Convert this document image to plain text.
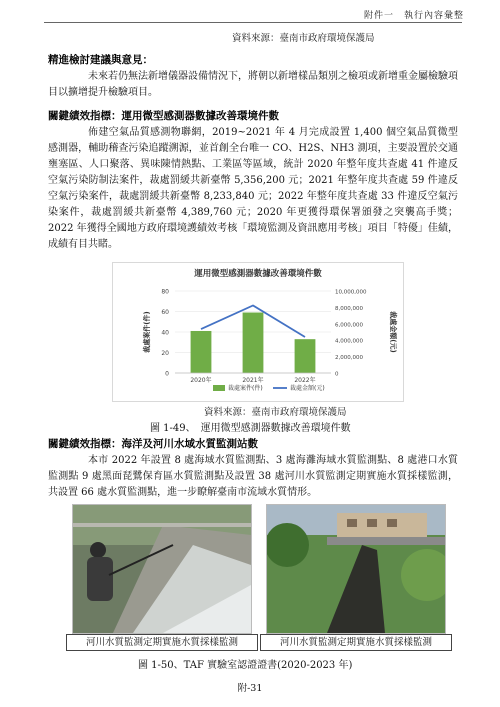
附件一　執行內容彙整
資料來源：臺南市政府環境保護局
精進檢討建議與意見：
未來若仍無法新增儀器設備情況下，將朝以新增樣品類別之檢項或新增重金屬檢驗項目以擴增提升檢驗項目。
關鍵績效指標：運用微型感測器數據改善環境件數
佈建空氣品質感測物聯網，2019~2021 年 4 月完成設置 1,400 個空氣品質微型感測器，輔助稽查污染追蹤溯源，並首創全台唯一 CO、H2S、NH3 測項，主要設置於交通壅塞區、人口聚落、異味陳情熱點、工業區等區域，統計 2020 年整年度共查處 41 件違反空氣污染防制法案件，裁處罰緩共新臺幣 5,356,200 元；2021 年整年度共查處 59 件違反空氣污染案件，裁處罰緩共新臺幣 8,233,840 元；2022 年整年度共查處 33 件違反空氣污染案件，裁處罰緩共新臺幣 4,389,760 元；2020 年更獲得環保署頒發之突襲高手獎；2022 年獲得全國地方政府環境護績效考核「環境監測及資訊應用考核」項目「特優」佳績，成績有目共睹。
運用微型感測器數據改善環境件數
0
20
40
60
80
0
2,000,000
4,000,000
6,000,000
8,000,000
10,000,000
裁處案件(件)	裁處金額(元)
2020年	2021年	2022年
裁處案件(件)	裁處金額(元)
資料來源：臺南市政府環境保護局
圖 1-49、　運用微型感測器數據改善環境件數
關鍵績效指標：海洋及河川水域水質監測站數
本市 2022 年設置 8 處海域水質監測點、3 處海灘海域水質監測點、8 處港口水質監測點 9 處黑面琵鷺保育區水質監測點及設置 38 處河川水質監測定期實施水質採樣監測，共設置 66 處水質監測點，進一步瞭解臺南市流域水質情形。
河川水質監測定期實施水質採樣監測	河川水質監測定期實施水質採樣監測
圖 1-50、TAF 實驗室認證證書(2020-2023 年)
附-31
